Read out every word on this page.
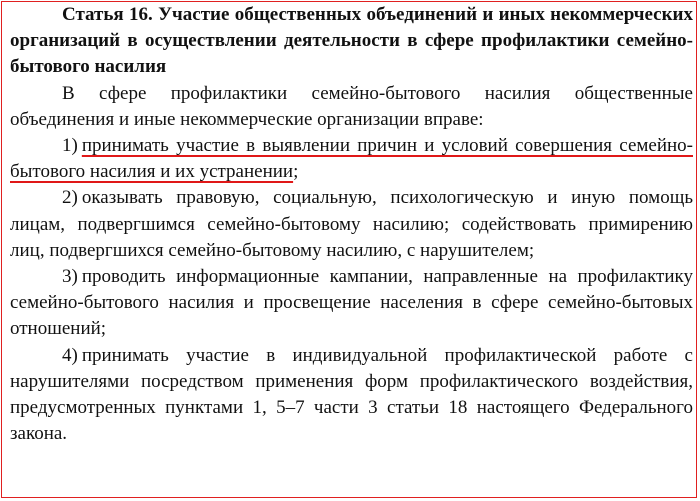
Статья 16. Участие общественных объединений и иных некоммерческих организаций в осуществлении деятельности в сфере профилактики семейно-бытового насилия

В сфере профилактики семейно-бытового насилия общественные объединения и иные некоммерческие организации вправе:

1) принимать участие в выявлении причин и условий совершения семейно-бытового насилия и их устранении;

2) оказывать правовую, социальную, психологическую и иную помощь лицам, подвергшимся семейно-бытовому насилию; содействовать примирению лиц, подвергшихся семейно-бытовому насилию, с нарушителем;

3) проводить информационные кампании, направленные на профилактику семейно-бытового насилия и просвещение населения в сфере семейно-бытовых отношений;

4) принимать участие в индивидуальной профилактической работе с нарушителями посредством применения форм профилактического воздействия, предусмотренных пунктами 1, 5–7 части 3 статьи 18 настоящего Федерального закона.
